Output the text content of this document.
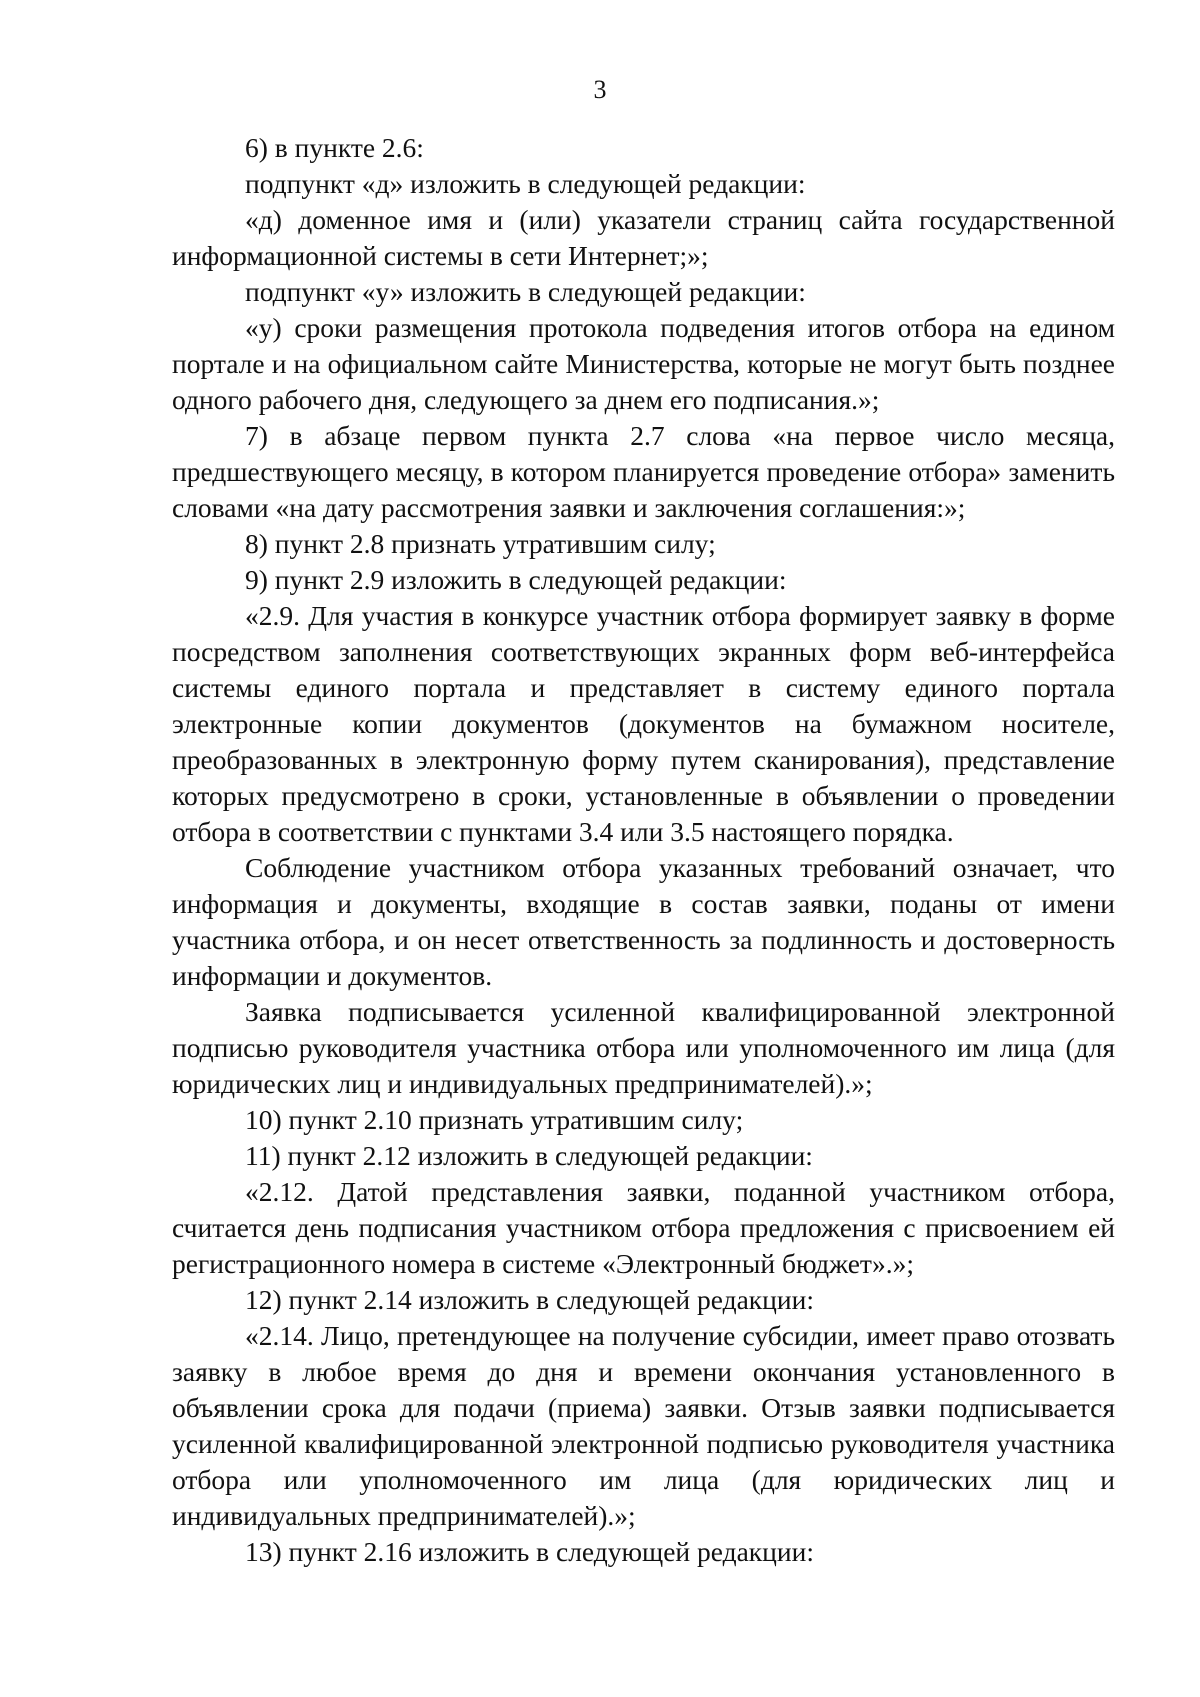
3

6) в пункте 2.6:

подпункт «д» изложить в следующей редакции:

«д) доменное имя и (или) указатели страниц сайта государственной информационной системы в сети Интернет;»;

подпункт «у» изложить в следующей редакции:

«у) сроки размещения протокола подведения итогов отбора на едином портале и на официальном сайте Министерства, которые не могут быть позднее одного рабочего дня, следующего за днем его подписания.»;

7) в абзаце первом пункта 2.7 слова «на первое число месяца, предшествующего месяцу, в котором планируется проведение отбора» заменить словами «на дату рассмотрения заявки и заключения соглашения:»;

8) пункт 2.8 признать утратившим силу;

9) пункт 2.9 изложить в следующей редакции:

«2.9. Для участия в конкурсе участник отбора формирует заявку в форме посредством заполнения соответствующих экранных форм веб-интерфейса системы единого портала и представляет в систему единого портала электронные копии документов (документов на бумажном носителе, преобразованных в электронную форму путем сканирования), представление которых предусмотрено в сроки, установленные в объявлении о проведении отбора в соответствии с пунктами 3.4 или 3.5 настоящего порядка.

Соблюдение участником отбора указанных требований означает, что информация и документы, входящие в состав заявки, поданы от имени участника отбора, и он несет ответственность за подлинность и достоверность информации и документов.

Заявка подписывается усиленной квалифицированной электронной подписью руководителя участника отбора или уполномоченного им лица (для юридических лиц и индивидуальных предпринимателей).»;

10) пункт 2.10 признать утратившим силу;

11) пункт 2.12 изложить в следующей редакции:

«2.12. Датой представления заявки, поданной участником отбора, считается день подписания участником отбора предложения с присвоением ей регистрационного номера в системе «Электронный бюджет».»;

12) пункт 2.14 изложить в следующей редакции:

«2.14. Лицо, претендующее на получение субсидии, имеет право отозвать заявку в любое время до дня и времени окончания установленного в объявлении срока для подачи (приема) заявки. Отзыв заявки подписывается усиленной квалифицированной электронной подписью руководителя участника отбора или уполномоченного им лица (для юридических лиц и индивидуальных предпринимателей).»;

13) пункт 2.16 изложить в следующей редакции:
